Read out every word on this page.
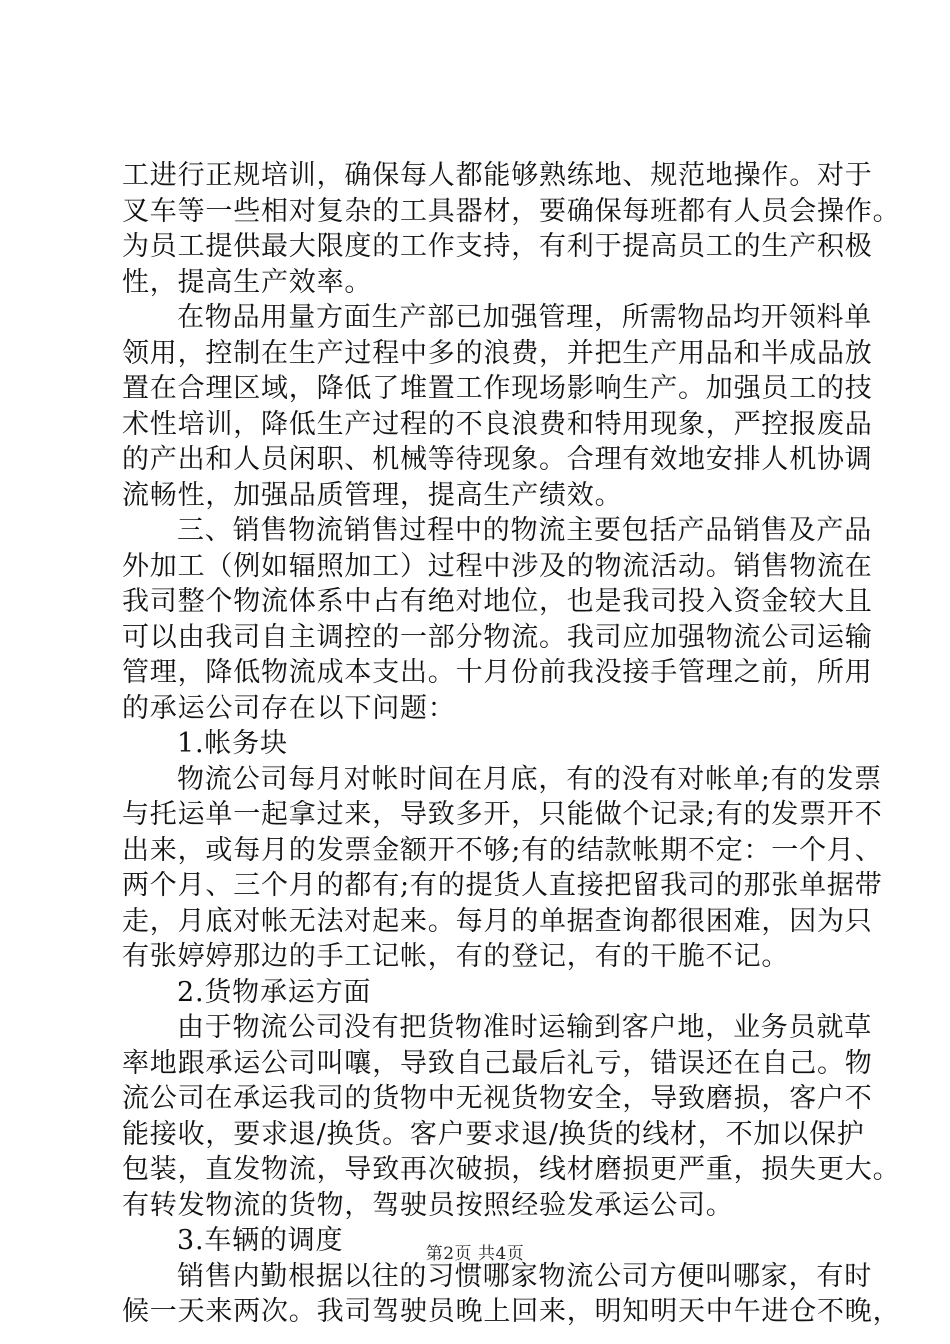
工进行正规培训，确保每人都能够熟练地、规范地操作。对于
叉车等一些相对复杂的工具器材，要确保每班都有人员会操作。
为员工提供最大限度的工作支持，有利于提高员工的生产积极
性，提高生产效率。
在物品用量方面生产部已加强管理，所需物品均开领料单
领用，控制在生产过程中多的浪费，并把生产用品和半成品放
置在合理区域，降低了堆置工作现场影响生产。加强员工的技
术性培训，降低生产过程的不良浪费和特用现象，严控报废品
的产出和人员闲职、机械等待现象。合理有效地安排人机协调
流畅性，加强品质管理，提高生产绩效。
三、销售物流销售过程中的物流主要包括产品销售及产品
外加工（例如辐照加工）过程中涉及的物流活动。销售物流在
我司整个物流体系中占有绝对地位，也是我司投入资金较大且
可以由我司自主调控的一部分物流。我司应加强物流公司运输
管理，降低物流成本支出。十月份前我没接手管理之前，所用
的承运公司存在以下问题：
1.帐务块
物流公司每月对帐时间在月底，有的没有对帐单;有的发票
与托运单一起拿过来，导致多开，只能做个记录;有的发票开不
出来，或每月的发票金额开不够;有的结款帐期不定：一个月、
两个月、三个月的都有;有的提货人直接把留我司的那张单据带
走，月底对帐无法对起来。每月的单据查询都很困难，因为只
有张婷婷那边的手工记帐，有的登记，有的干脆不记。
2.货物承运方面
由于物流公司没有把货物准时运输到客户地，业务员就草
率地跟承运公司叫嚷，导致自己最后礼亏，错误还在自己。物
流公司在承运我司的货物中无视货物安全，导致磨损，客户不
能接收，要求退/换货。客户要求退/换货的线材，不加以保护
包装，直发物流，导致再次破损，线材磨损更严重，损失更大。
有转发物流的货物，驾驶员按照经验发承运公司。
3.车辆的调度
销售内勤根据以往的习惯哪家物流公司方便叫哪家，有时
候一天来两次。我司驾驶员晚上回来，明知明天中午进仓不晚，
第2页 共4页
